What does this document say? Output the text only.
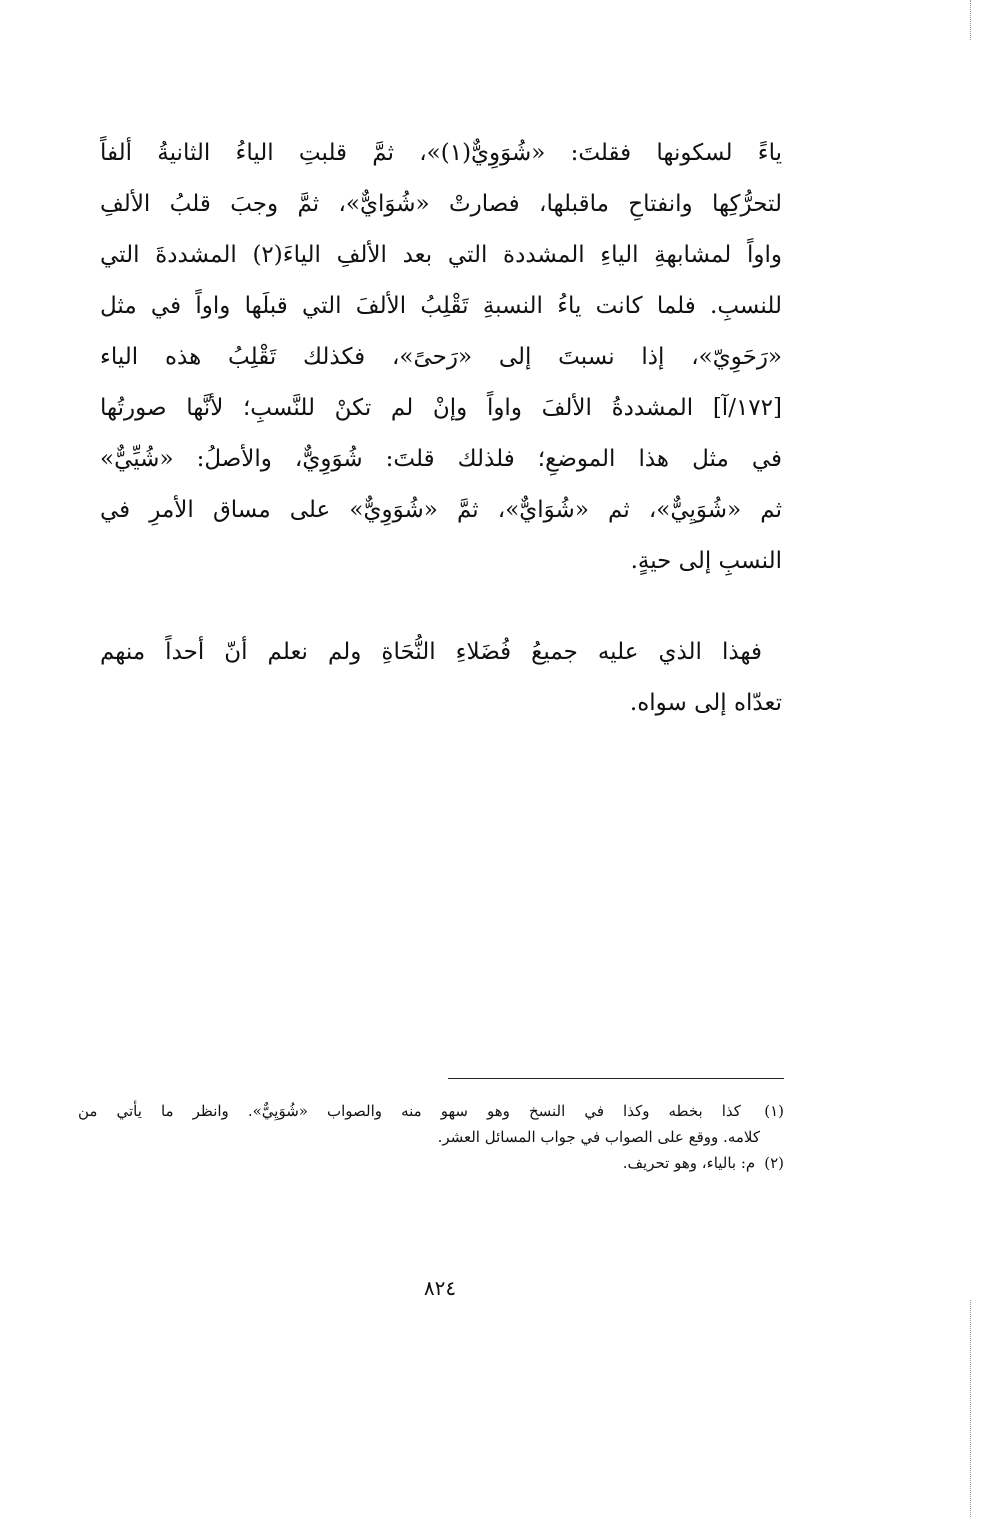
ياءً لسكونها فقلتَ: «شُوَوِيٌّ(١)»، ثمَّ قلبتِ الياءُ الثانيةُ ألفاً
لتحرُّكِها وانفتاحِ ماقبلها، فصارتْ «شُوَايٌّ»، ثمَّ وجبَ قلبُ الألفِ
واواً لمشابهةِ الياءِ المشددة التي بعد الألفِ الياءَ(٢) المشددةَ التي
للنسبِ. فلما كانت ياءُ النسبةِ تَقْلِبُ الألفَ التي قبلَها واواً في مثل
«رَحَوِيّ»، إذا نسبتَ إلى «رَحىً»، فكذلك تَقْلِبُ هذه الياء
[١٧٢/آ] المشددةُ الألفَ واواً وإنْ لم تكنْ للنَّسبِ؛ لأنَّها صورتُها
في مثل هذا الموضعِ؛ فلذلك قلتَ: شُوَوِيٌّ، والأصلُ: «شُيِّيٌّ»
ثم «شُوَيِيٌّ»، ثم «شُوَايٌّ»، ثمَّ «شُوَوِيٌّ» على مساق الأمرِ في
النسبِ إلى حيةٍ.
فهذا الذي عليه جميعُ فُضَلاءِ النُّحَاةِ ولم نعلم أنّ أحداً منهم
تعدّاه إلى سواه.
(١) كذا بخطه وكذا في النسخ وهو سهو منه والصواب «شُوَيِيٌّ». وانظر ما يأتي من
كلامه. ووقع على الصواب في جواب المسائل العشر.
(٢) م: بالياء، وهو تحريف.
٨٢٤
